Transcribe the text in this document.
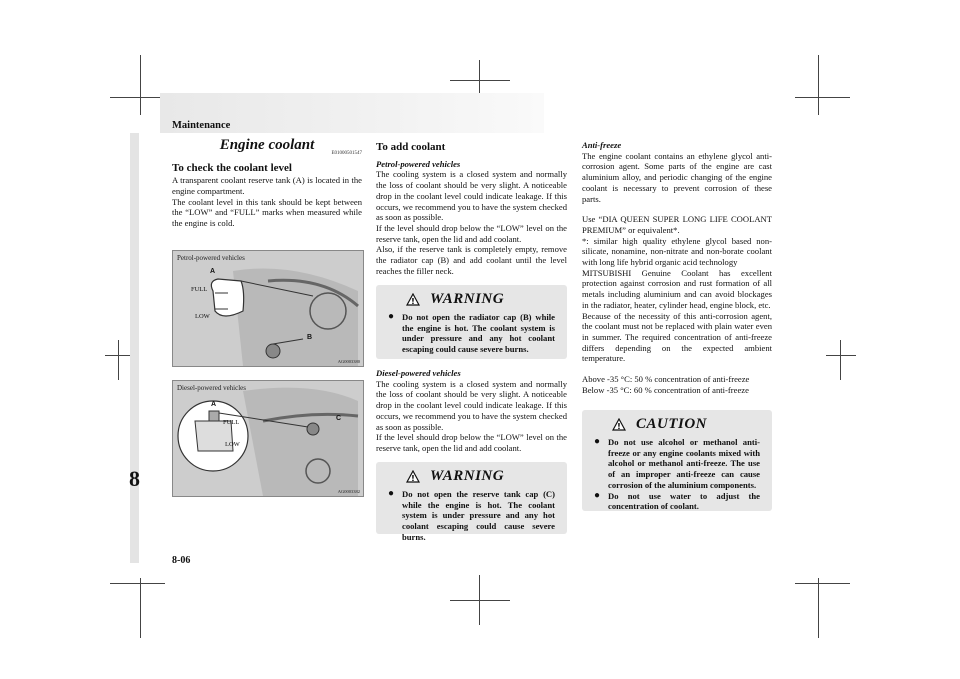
Maintenance
8
8-06
Engine coolant
E01000501547
To check the coolant level

A transparent coolant reserve tank (A) is located in the engine compartment.

The coolant level in this tank should be kept between the “LOW” and “FULL” marks when measured while the engine is cold.

Petrol-powered vehicles
FULL
LOW
A
B
AG0003380
Diesel-powered vehicles
FULL
LOW
A
C
AG0003382
To add coolant

Petrol-powered vehicles

The cooling system is a closed system and normally the loss of coolant should be very slight. A noticeable drop in the coolant level could indicate leakage. If this occurs, we recommend you to have the system checked as soon as possible.

If the level should drop below the “LOW” level on the reserve tank, open the lid and add coolant.

Also, if the reserve tank is completely empty, remove the radiator cap (B) and add coolant until the level reaches the filler neck.

! WARNING
● Do not open the radiator cap (B) while the engine is hot. The coolant system is under pressure and any hot coolant escaping could cause severe burns.

Diesel-powered vehicles

The cooling system is a closed system and normally the loss of coolant should be very slight. A noticeable drop in the coolant level could indicate leakage. If this occurs, we recommend you to have the system checked as soon as possible.

If the level should drop below the “LOW” level on the reserve tank, open the lid and add coolant.

! WARNING
● Do not open the reserve tank cap (C) while the engine is hot. The coolant system is under pressure and any hot coolant escaping could cause severe burns.

Anti-freeze

The engine coolant contains an ethylene glycol anti-corrosion agent. Some parts of the engine are cast aluminium alloy, and periodic changing of the engine coolant is necessary to prevent corrosion of these parts.

Use “DIA QUEEN SUPER LONG LIFE COOLANT PREMIUM” or equivalent*.

*: similar high quality ethylene glycol based non-silicate, nonamine, non-nitrate and non-borate coolant with long life hybrid organic acid technology

MITSUBISHI Genuine Coolant has excellent protection against corrosion and rust formation of all metals including aluminium and can avoid blockages in the radiator, heater, cylinder head, engine block, etc.

Because of the necessity of this anti-corrosion agent, the coolant must not be replaced with plain water even in summer. The required concentration of anti-freeze differs depending on the expected ambient temperature.

Above -35 °C: 50 % concentration of anti-freeze

Below -35 °C: 60 % concentration of anti-freeze

! CAUTION
● Do not use alcohol or methanol anti-freeze or any engine coolants mixed with alcohol or methanol anti-freeze. The use of an improper anti-freeze can cause corrosion of the aluminium components.
● Do not use water to adjust the concentration of coolant.
